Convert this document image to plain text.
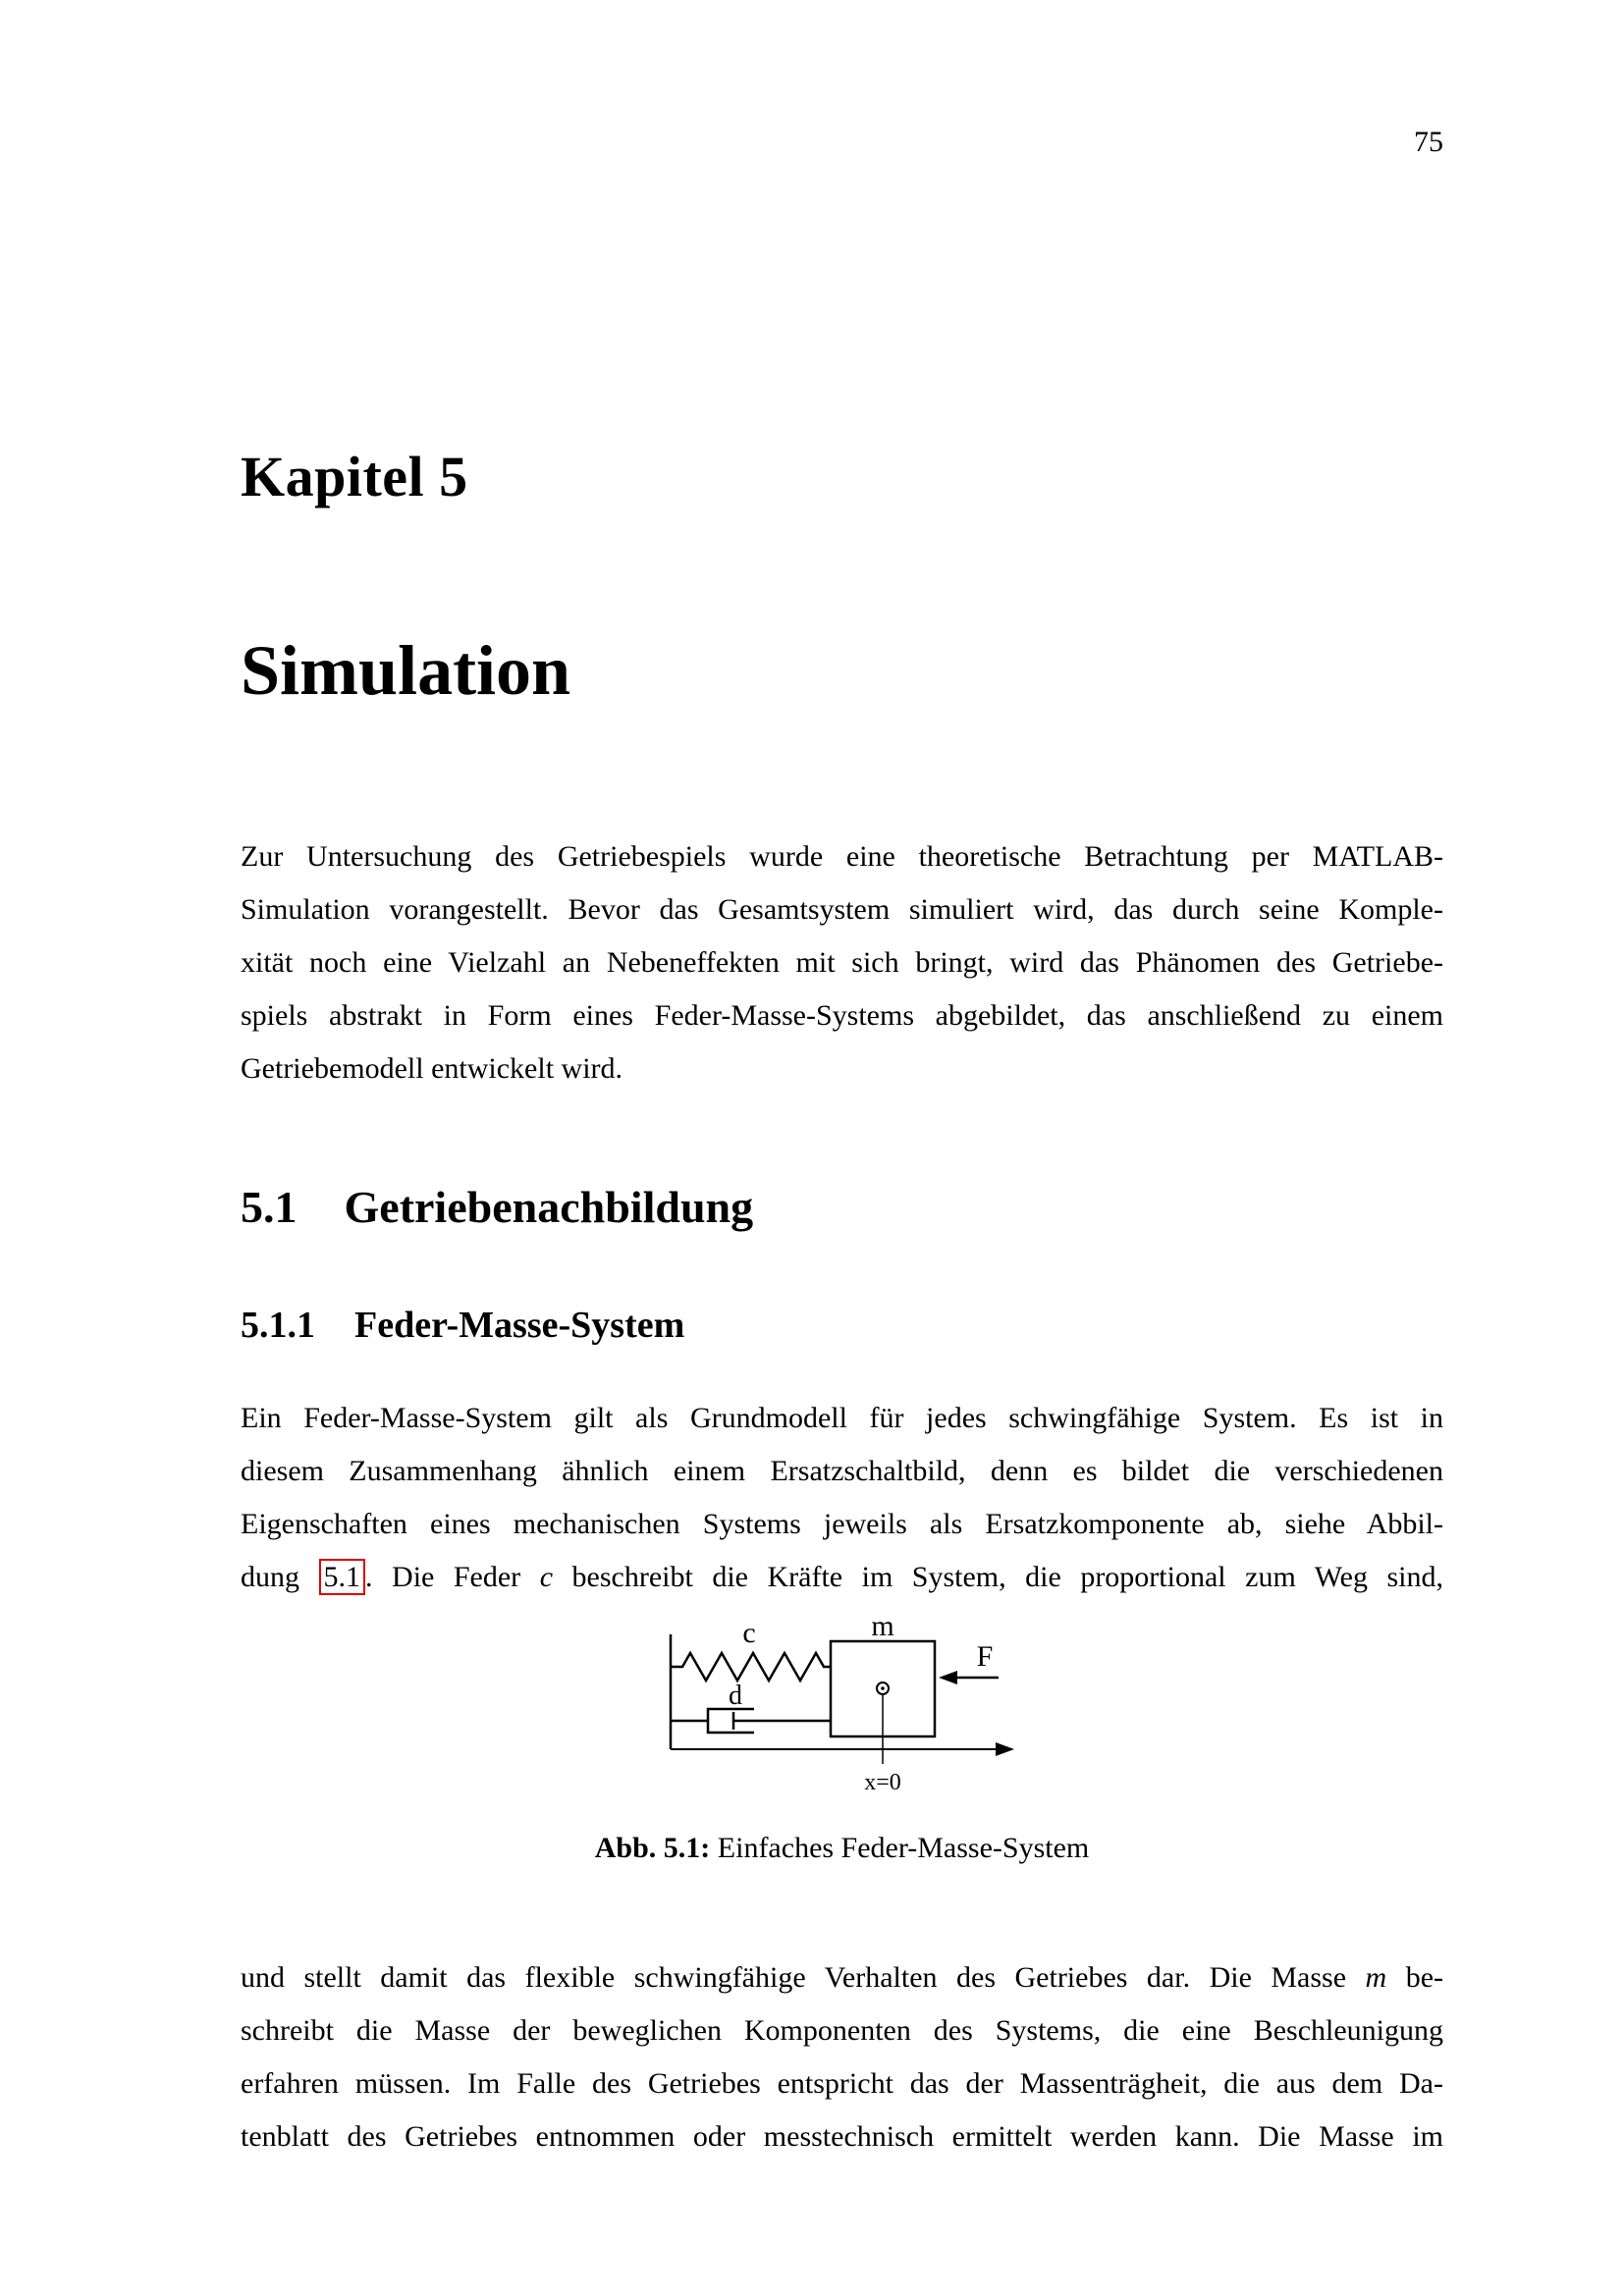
75
Kapitel 5
Simulation
Zur Untersuchung des Getriebespiels wurde eine theoretische Betrachtung per MATLAB-
Simulation vorangestellt. Bevor das Gesamtsystem simuliert wird, das durch seine Komple-
xität noch eine Vielzahl an Nebeneffekten mit sich bringt, wird das Phänomen des Getriebe-
spiels abstrakt in Form eines Feder-Masse-Systems abgebildet, das anschließend zu einem
Getriebemodell entwickelt wird.
5.1 Getriebenachbildung
5.1.1 Feder-Masse-System
Ein Feder-Masse-System gilt als Grundmodell für jedes schwingfähige System. Es ist in
diesem Zusammenhang ähnlich einem Ersatzschaltbild, denn es bildet die verschiedenen
Eigenschaften eines mechanischen Systems jeweils als Ersatzkomponente ab, siehe Abbil-
dung 5.1 . Die Feder c beschreibt die Kräfte im System, die proportional zum Weg sind,
c
d
m
x=0
F
Abb. 5.1: Einfaches Feder-Masse-System
und stellt damit das flexible schwingfähige Verhalten des Getriebes dar. Die Masse m be-
schreibt die Masse der beweglichen Komponenten des Systems, die eine Beschleunigung
erfahren müssen. Im Falle des Getriebes entspricht das der Massenträgheit, die aus dem Da-
tenblatt des Getriebes entnommen oder messtechnisch ermittelt werden kann. Die Masse im
